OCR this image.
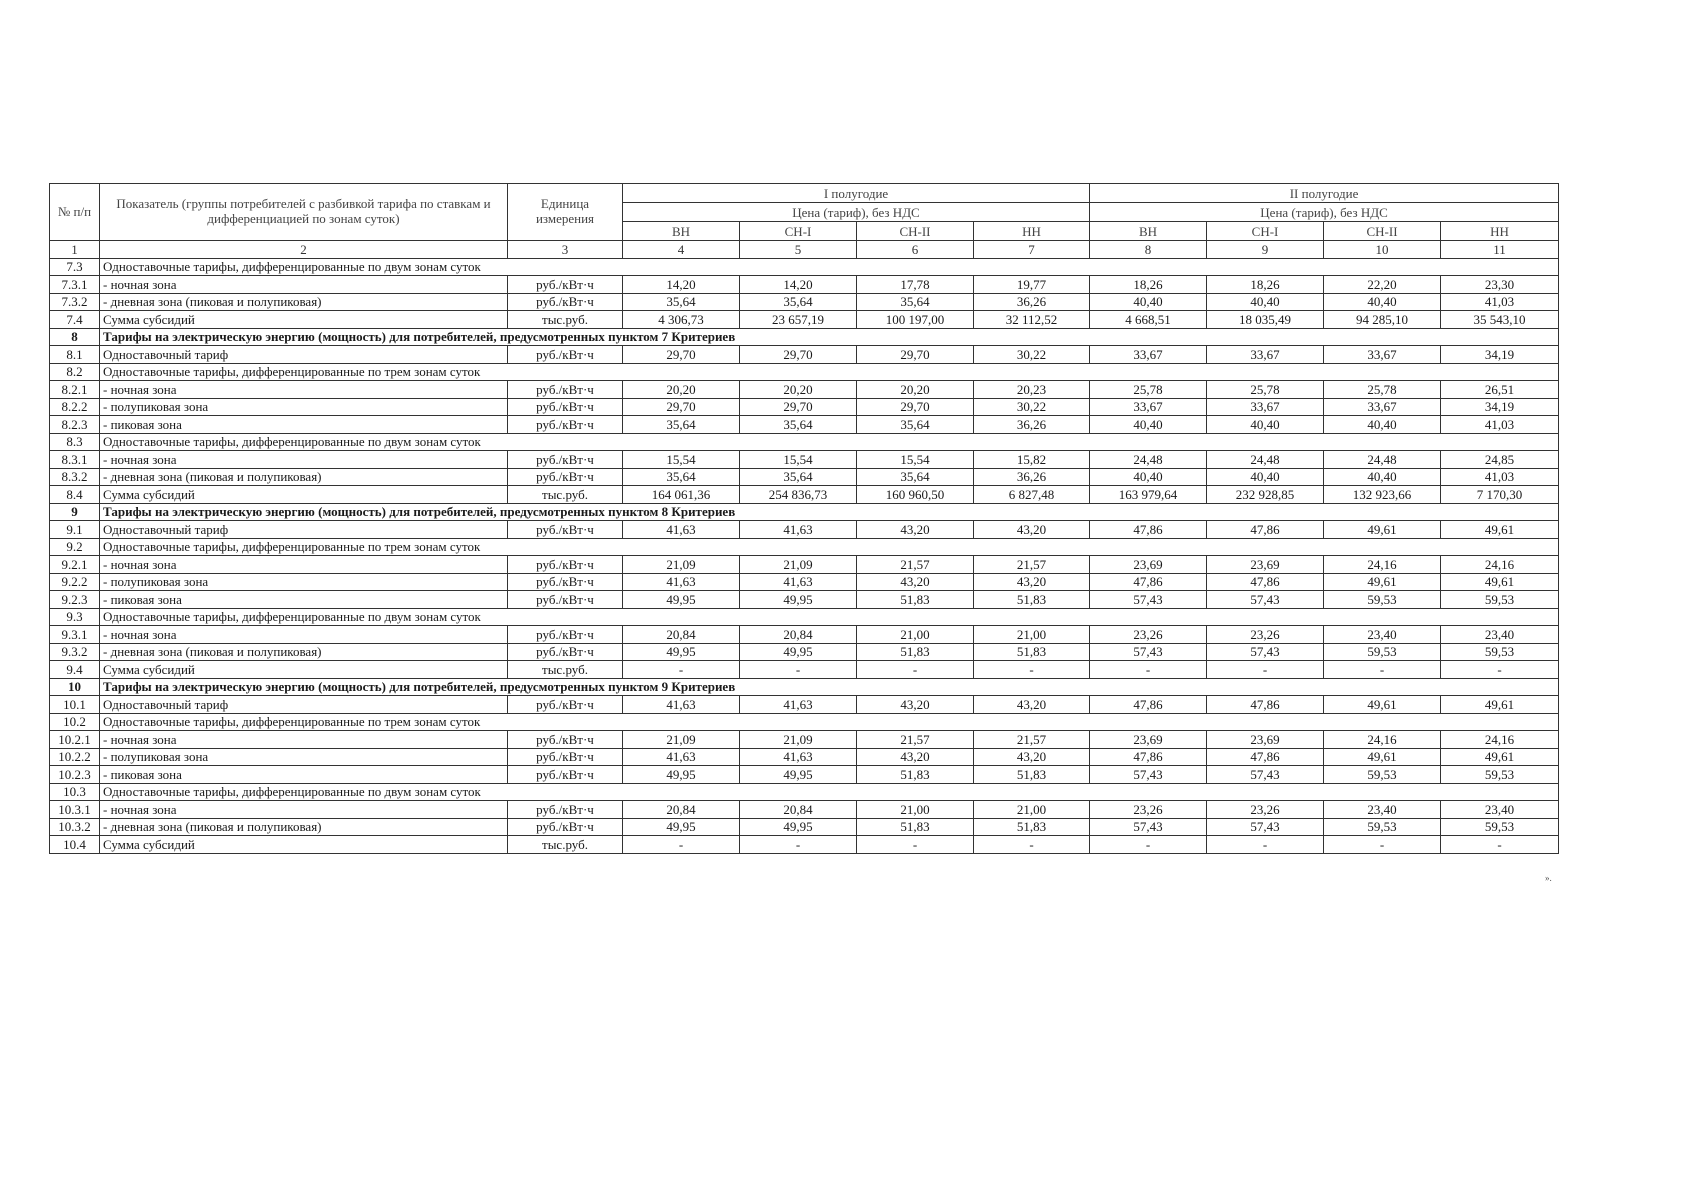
№ п/п	Показатель (группы потребителей с разбивкой тарифа по ставкам и дифференциацией по зонам суток)	Единица измерения	I полугодие				II полугодие			
			Цена (тариф), без НДС				Цена (тариф), без НДС			
			ВН	СН-I	СН-II	НН	ВН	СН-I	СН-II	НН
1	2	3	4	5	6	7	8	9	10	11
7.3	Одноставочные тарифы, дифференцированные по двум зонам суток									
7.3.1	- ночная зона	руб./кВт·ч	14,20	14,20	17,78	19,77	18,26	18,26	22,20	23,30
7.3.2	- дневная зона (пиковая и полупиковая)	руб./кВт·ч	35,64	35,64	35,64	36,26	40,40	40,40	40,40	41,03
7.4	Сумма субсидий	тыс.руб.	4 306,73	23 657,19	100 197,00	32 112,52	4 668,51	18 035,49	94 285,10	35 543,10
8	Тарифы на электрическую энергию (мощность) для потребителей, предусмотренных пунктом 7 Критериев									
8.1	Одноставочный тариф	руб./кВт·ч	29,70	29,70	29,70	30,22	33,67	33,67	33,67	34,19
8.2	Одноставочные тарифы, дифференцированные по трем зонам суток									
8.2.1	- ночная зона	руб./кВт·ч	20,20	20,20	20,20	20,23	25,78	25,78	25,78	26,51
8.2.2	- полупиковая зона	руб./кВт·ч	29,70	29,70	29,70	30,22	33,67	33,67	33,67	34,19
8.2.3	- пиковая зона	руб./кВт·ч	35,64	35,64	35,64	36,26	40,40	40,40	40,40	41,03
8.3	Одноставочные тарифы, дифференцированные по двум зонам суток									
8.3.1	- ночная зона	руб./кВт·ч	15,54	15,54	15,54	15,82	24,48	24,48	24,48	24,85
8.3.2	- дневная зона (пиковая и полупиковая)	руб./кВт·ч	35,64	35,64	35,64	36,26	40,40	40,40	40,40	41,03
8.4	Сумма субсидий	тыс.руб.	164 061,36	254 836,73	160 960,50	6 827,48	163 979,64	232 928,85	132 923,66	7 170,30
9	Тарифы на электрическую энергию (мощность) для потребителей, предусмотренных пунктом 8 Критериев									
9.1	Одноставочный тариф	руб./кВт·ч	41,63	41,63	43,20	43,20	47,86	47,86	49,61	49,61
9.2	Одноставочные тарифы, дифференцированные по трем зонам суток									
9.2.1	- ночная зона	руб./кВт·ч	21,09	21,09	21,57	21,57	23,69	23,69	24,16	24,16
9.2.2	- полупиковая зона	руб./кВт·ч	41,63	41,63	43,20	43,20	47,86	47,86	49,61	49,61
9.2.3	- пиковая зона	руб./кВт·ч	49,95	49,95	51,83	51,83	57,43	57,43	59,53	59,53
9.3	Одноставочные тарифы, дифференцированные по двум зонам суток									
9.3.1	- ночная зона	руб./кВт·ч	20,84	20,84	21,00	21,00	23,26	23,26	23,40	23,40
9.3.2	- дневная зона (пиковая и полупиковая)	руб./кВт·ч	49,95	49,95	51,83	51,83	57,43	57,43	59,53	59,53
9.4	Сумма субсидий	тыс.руб.	-	-	-	-	-	-	-	-
10	Тарифы на электрическую энергию (мощность) для потребителей, предусмотренных пунктом 9 Критериев									
10.1	Одноставочный тариф	руб./кВт·ч	41,63	41,63	43,20	43,20	47,86	47,86	49,61	49,61
10.2	Одноставочные тарифы, дифференцированные по трем зонам суток									
10.2.1	- ночная зона	руб./кВт·ч	21,09	21,09	21,57	21,57	23,69	23,69	24,16	24,16
10.2.2	- полупиковая зона	руб./кВт·ч	41,63	41,63	43,20	43,20	47,86	47,86	49,61	49,61
10.2.3	- пиковая зона	руб./кВт·ч	49,95	49,95	51,83	51,83	57,43	57,43	59,53	59,53
10.3	Одноставочные тарифы, дифференцированные по двум зонам суток									
10.3.1	- ночная зона	руб./кВт·ч	20,84	20,84	21,00	21,00	23,26	23,26	23,40	23,40
10.3.2	- дневная зона (пиковая и полупиковая)	руб./кВт·ч	49,95	49,95	51,83	51,83	57,43	57,43	59,53	59,53
10.4	Сумма субсидий	тыс.руб.	-	-	-	-	-	-	-	-
».
